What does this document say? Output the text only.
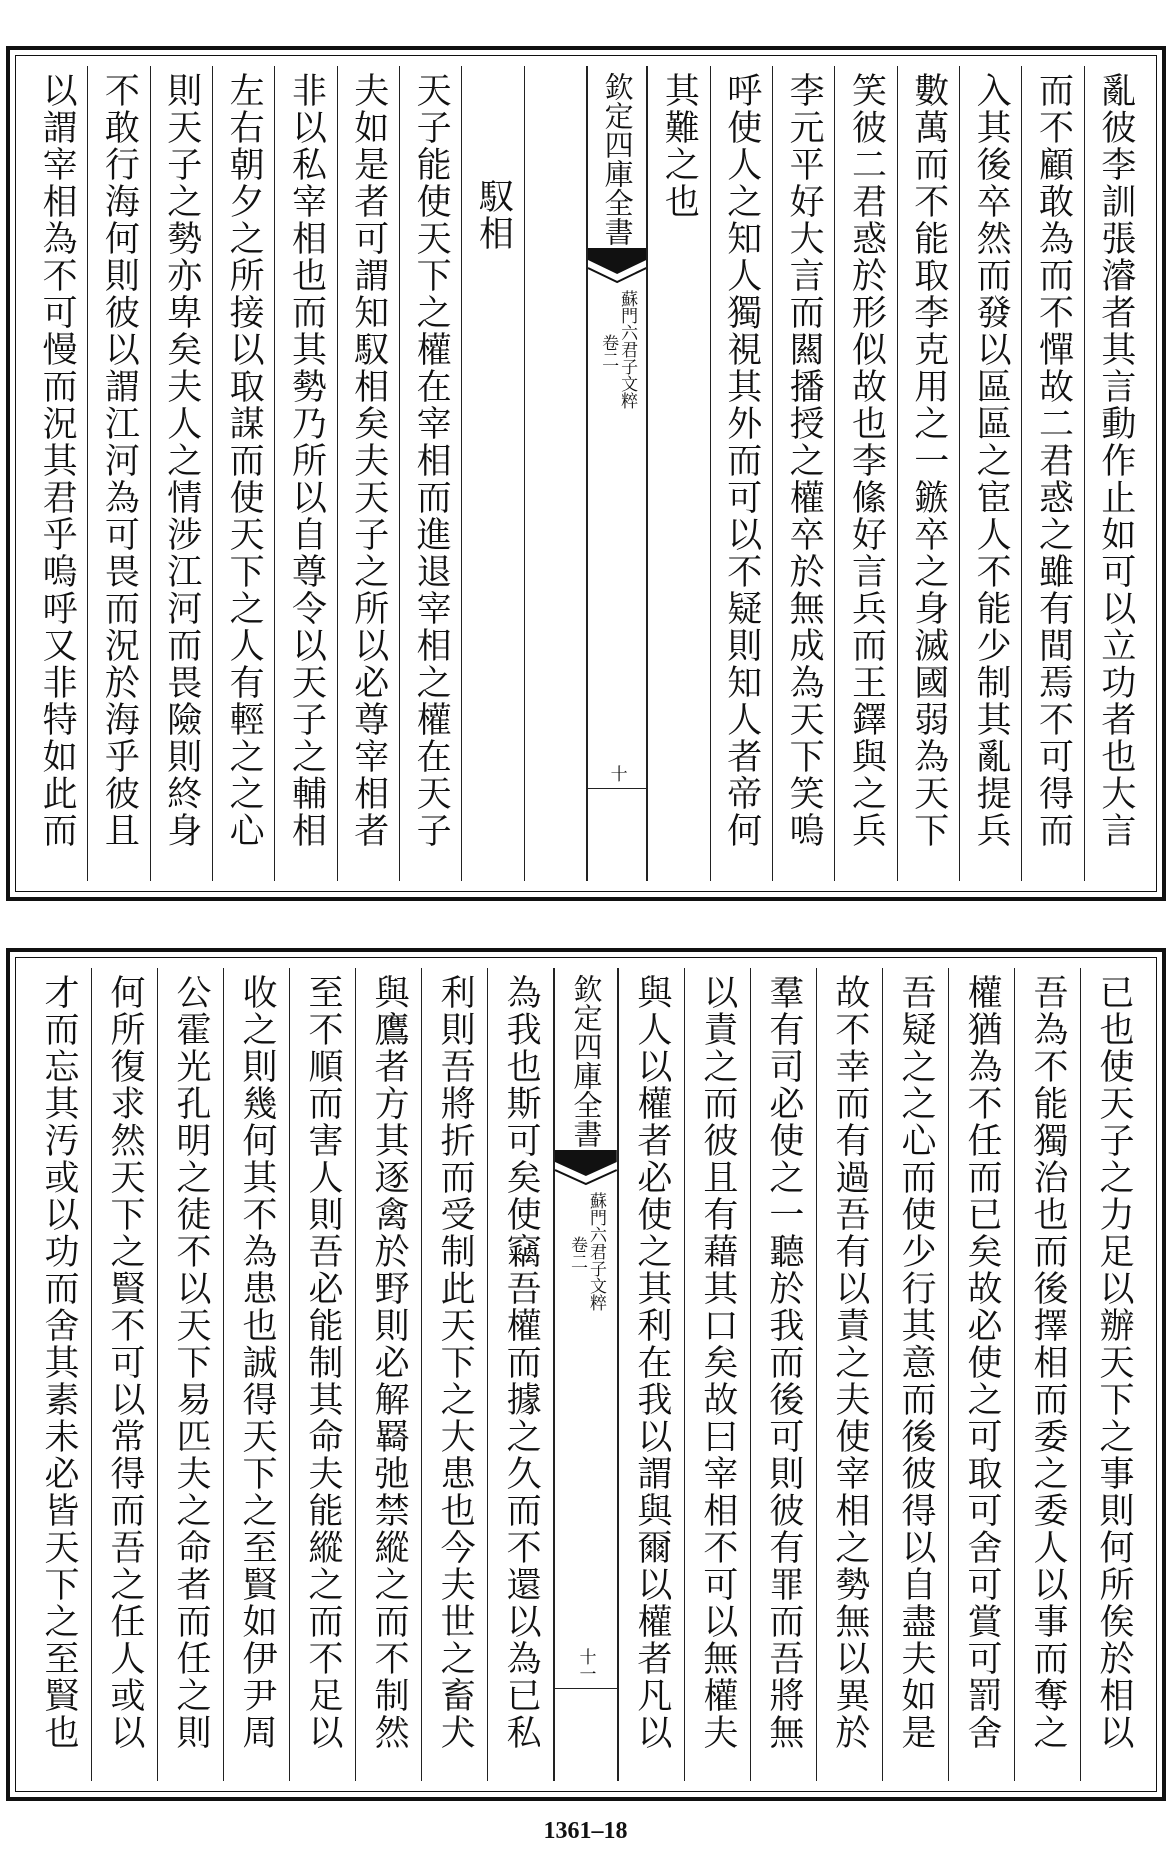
亂彼李訓張濬者其言動作止如可以立功者也大言
而不顧敢為而不憚故二君惑之雖有間焉不可得而
入其後卒然而發以區區之宦人不能少制其亂提兵
數萬而不能取李克用之一鏃卒之身滅國弱為天下
笑彼二君惑於形似故也李絛好言兵而王鐸與之兵
李元平好大言而闗播授之權卒於無成為天下笑嗚
呼使人之知人獨視其外而可以不疑則知人者帝何
其難之也
欽定四庫全書
蘇門六君子文粹
卷二
十
馭相
天子能使天下之權在宰相而進退宰相之權在天子
夫如是者可謂知馭相矣夫天子之所以必尊宰相者
非以私宰相也而其勢乃所以自尊令以天子之輔相
左右朝夕之所接以取謀而使天下之人有輕之之心
則天子之勢亦卑矣夫人之情涉江河而畏險則終身
不敢行海何則彼以謂江河為可畏而況於海乎彼且
以謂宰相為不可慢而況其君乎嗚呼又非特如此而
已也使天子之力足以辦天下之事則何所俟於相以
吾為不能獨治也而後擇相而委之委人以事而奪之
權猶為不任而已矣故必使之可取可舍可賞可罰舍
吾疑之之心而使少行其意而後彼得以自盡夫如是
故不幸而有過吾有以責之夫使宰相之勢無以異於
羣有司必使之一聽於我而後可則彼有罪而吾將無
以責之而彼且有藉其口矣故曰宰相不可以無權夫
與人以權者必使之其利在我以謂與爾以權者凡以
欽定四庫全書
蘇門六君子文粹
卷二
十一
為我也斯可矣使竊吾權而據之久而不還以為已私
利則吾將折而受制此天下之大患也今夫世之畜犬
與鷹者方其逐禽於野則必解羇弛禁縱之而不制然
至不順而害人則吾必能制其命夫能縱之而不足以
收之則幾何其不為患也誠得天下之至賢如伊尹周
公霍光孔明之徒不以天下易匹夫之命者而任之則
何所復求然天下之賢不可以常得而吾之任人或以
才而忘其汚或以功而舍其素未必皆天下之至賢也
1361–18
